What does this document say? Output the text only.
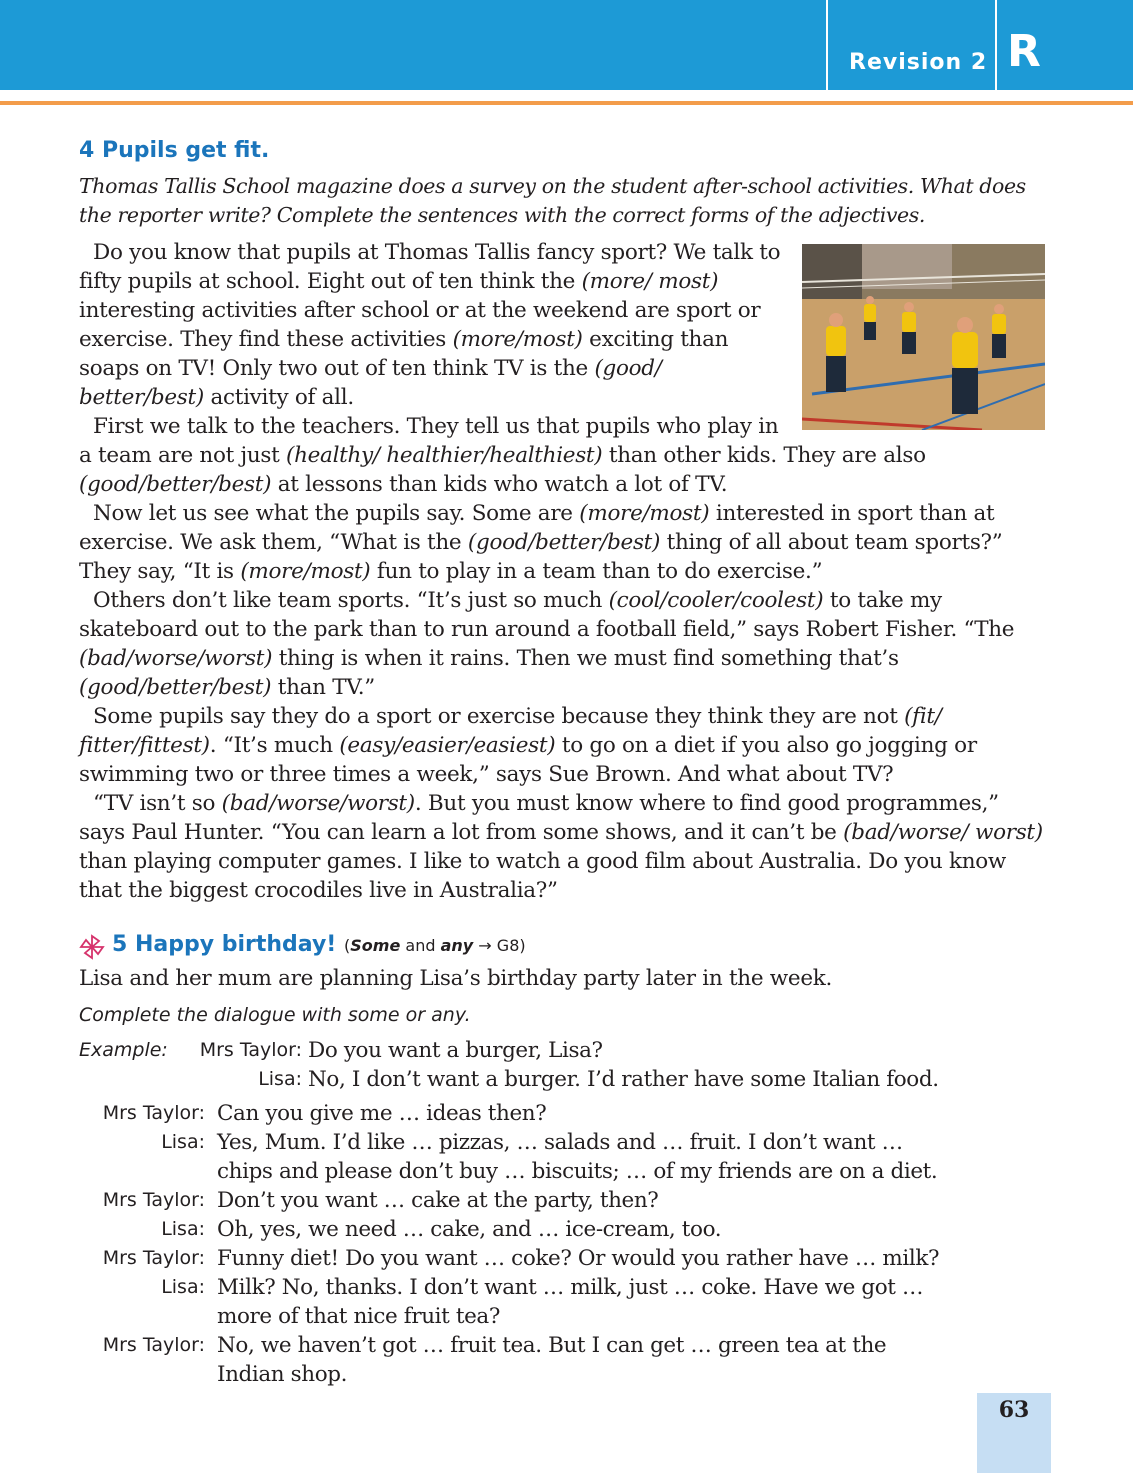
Revision 2 R
4 Pupils get fit.
Thomas Tallis School magazine does a survey on the student after-school activities. What does the reporter write? Complete the sentences with the correct forms of the adjectives.

Do you know that pupils at Thomas Tallis fancy sport? We talk to fifty pupils at school. Eight out of ten think the (more/ most) interesting activities after school or at the weekend are sport or exercise. They find these activities (more/most) exciting than soaps on TV! Only two out of ten think TV is the (good/ better/best) activity of all.

First we talk to the teachers. They tell us that pupils who play in a team are not just (healthy/ healthier/healthiest) than other kids. They are also (good/better/best) at lessons than kids who watch a lot of TV.

Now let us see what the pupils say. Some are (more/most) interested in sport than at exercise. We ask them, “What is the (good/better/best) thing of all about team sports?” They say, “It is (more/most) fun to play in a team than to do exercise.”

Others don’t like team sports. “It’s just so much (cool/cooler/coolest) to take my skateboard out to the park than to run around a football field,” says Robert Fisher. “The (bad/worse/worst) thing is when it rains. Then we must find something that’s (good/better/best) than TV.”

Some pupils say they do a sport or exercise because they think they are not (fit/ fitter/fittest). “It’s much (easy/easier/easiest) to go on a diet if you also go jogging or swimming two or three times a week,” says Sue Brown. And what about TV?

“TV isn’t so (bad/worse/worst). But you must know where to find good programmes,” says Paul Hunter. “You can learn a lot from some shows, and it can’t be (bad/worse/ worst) than playing computer games. I like to watch a good film about Australia. Do you know that the biggest crocodiles live in Australia?”

5 Happy birthday! (Some and any → G8)
Lisa and her mum are planning Lisa’s birthday party later in the week.
Complete the dialogue with some or any.
Example:	Mrs Taylor: Do you want a burger, Lisa?
Lisa: No, I don’t want a burger. I’d rather have some Italian food.
Mrs Taylor: Can you give me … ideas then?
Lisa: Yes, Mum. I’d like … pizzas, … salads and … fruit. I don’t want …
chips and please don’t buy … biscuits; … of my friends are on a diet.
Mrs Taylor: Don’t you want … cake at the party, then?
Lisa: Oh, yes, we need … cake, and … ice-cream, too.
Mrs Taylor: Funny diet! Do you want … coke? Or would you rather have … milk?
Lisa: Milk? No, thanks. I don’t want … milk, just … coke. Have we got …
more of that nice fruit tea?
Mrs Taylor: No, we haven’t got … fruit tea. But I can get … green tea at the
Indian shop.
63
